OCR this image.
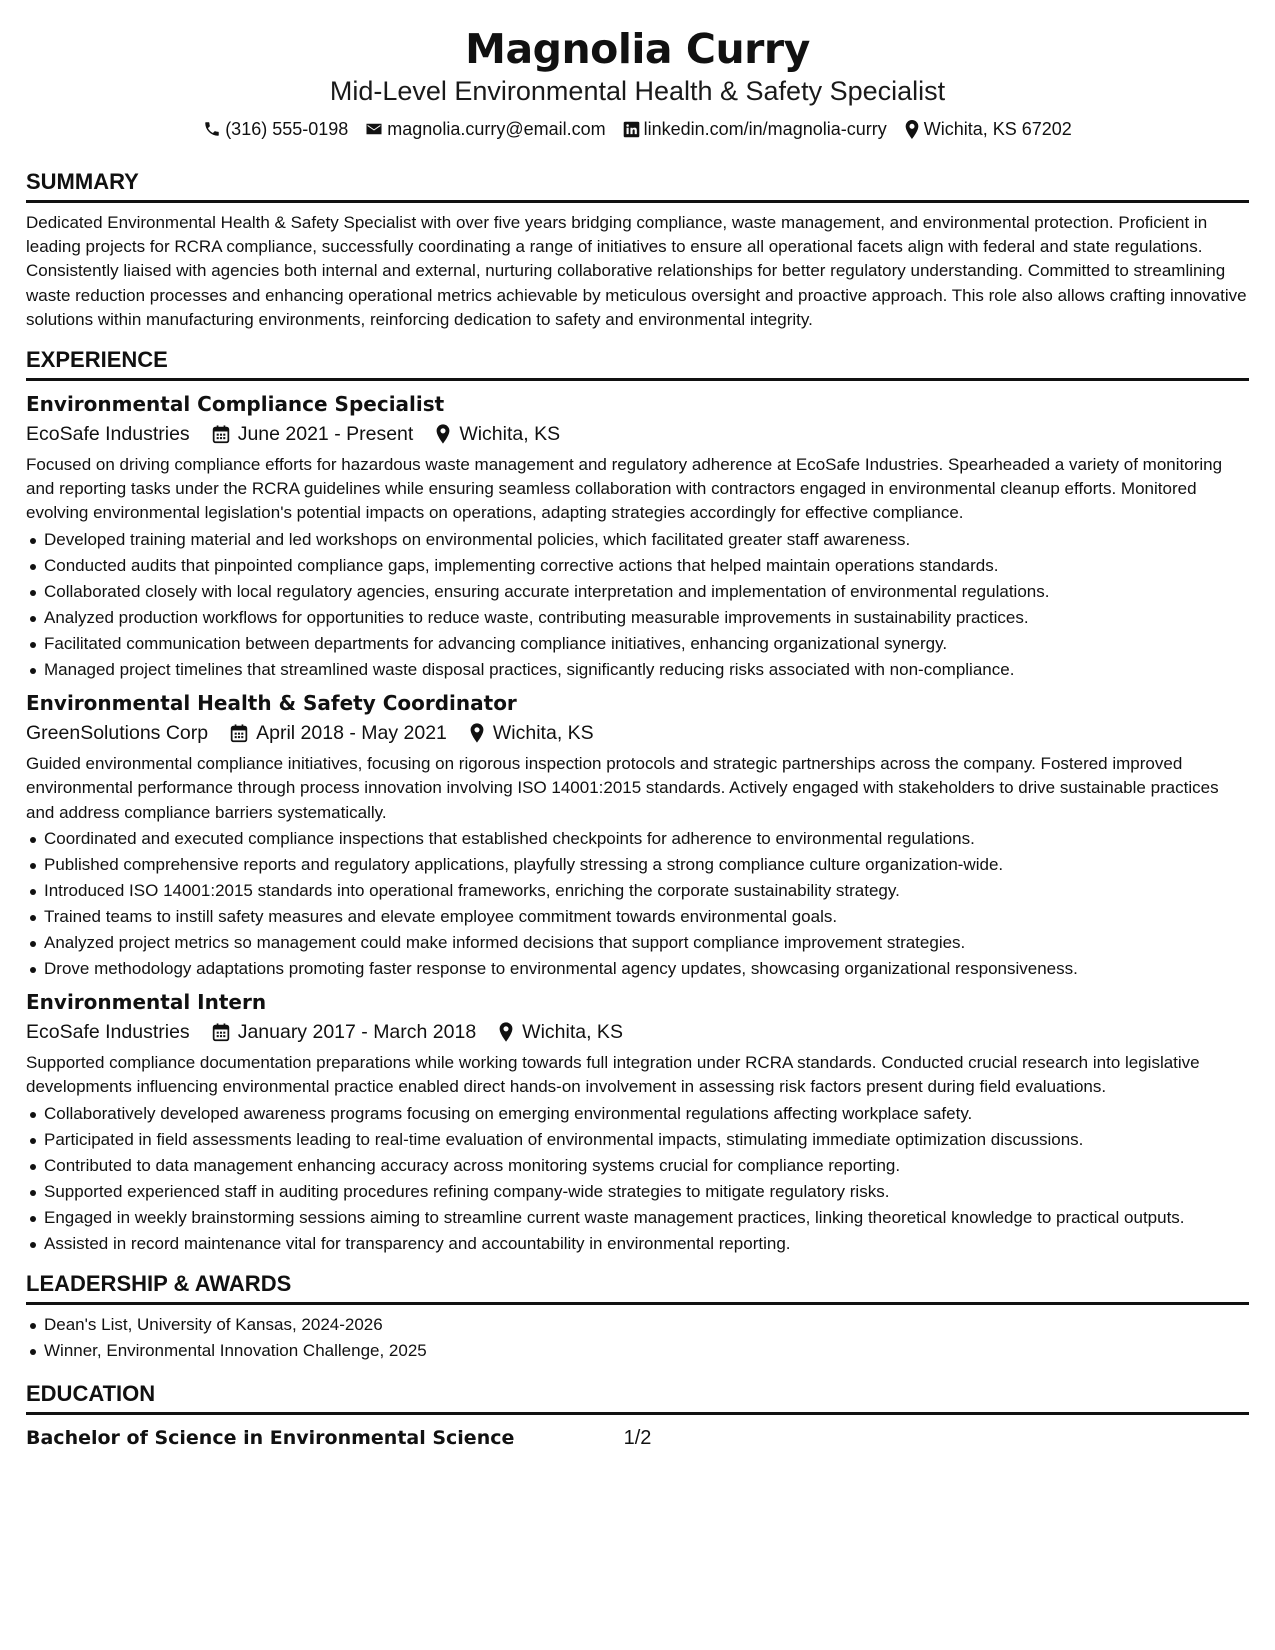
Magnolia Curry
Mid-Level Environmental Health & Safety Specialist
(316) 555-0198 magnolia.curry@email.com linkedin.com/in/magnolia-curry Wichita, KS 67202
SUMMARY

Dedicated Environmental Health & Safety Specialist with over five years bridging compliance, waste management, and environmental protection. Proficient in leading projects for RCRA compliance, successfully coordinating a range of initiatives to ensure all operational facets align with federal and state regulations. Consistently liaised with agencies both internal and external, nurturing collaborative relationships for better regulatory understanding. Committed to streamlining waste reduction processes and enhancing operational metrics achievable by meticulous oversight and proactive approach. This role also allows crafting innovative solutions within manufacturing environments, reinforcing dedication to safety and environmental integrity.

EXPERIENCE
Environmental Compliance Specialist
EcoSafe Industries June 2021 - Present Wichita, KS

Focused on driving compliance efforts for hazardous waste management and regulatory adherence at EcoSafe Industries. Spearheaded a variety of monitoring and reporting tasks under the RCRA guidelines while ensuring seamless collaboration with contractors engaged in environmental cleanup efforts. Monitored evolving environmental legislation's potential impacts on operations, adapting strategies accordingly for effective compliance.

Developed training material and led workshops on environmental policies, which facilitated greater staff awareness.
Conducted audits that pinpointed compliance gaps, implementing corrective actions that helped maintain operations standards.
Collaborated closely with local regulatory agencies, ensuring accurate interpretation and implementation of environmental regulations.
Analyzed production workflows for opportunities to reduce waste, contributing measurable improvements in sustainability practices.
Facilitated communication between departments for advancing compliance initiatives, enhancing organizational synergy.
Managed project timelines that streamlined waste disposal practices, significantly reducing risks associated with non-compliance.
Environmental Health & Safety Coordinator
GreenSolutions Corp April 2018 - May 2021 Wichita, KS

Guided environmental compliance initiatives, focusing on rigorous inspection protocols and strategic partnerships across the company. Fostered improved environmental performance through process innovation involving ISO 14001:2015 standards. Actively engaged with stakeholders to drive sustainable practices and address compliance barriers systematically.

Coordinated and executed compliance inspections that established checkpoints for adherence to environmental regulations.
Published comprehensive reports and regulatory applications, playfully stressing a strong compliance culture organization-wide.
Introduced ISO 14001:2015 standards into operational frameworks, enriching the corporate sustainability strategy.
Trained teams to instill safety measures and elevate employee commitment towards environmental goals.
Analyzed project metrics so management could make informed decisions that support compliance improvement strategies.
Drove methodology adaptations promoting faster response to environmental agency updates, showcasing organizational responsiveness.
Environmental Intern
EcoSafe Industries January 2017 - March 2018 Wichita, KS

Supported compliance documentation preparations while working towards full integration under RCRA standards. Conducted crucial research into legislative developments influencing environmental practice enabled direct hands-on involvement in assessing risk factors present during field evaluations.

Collaboratively developed awareness programs focusing on emerging environmental regulations affecting workplace safety.
Participated in field assessments leading to real-time evaluation of environmental impacts, stimulating immediate optimization discussions.
Contributed to data management enhancing accuracy across monitoring systems crucial for compliance reporting.
Supported experienced staff in auditing procedures refining company-wide strategies to mitigate regulatory risks.
Engaged in weekly brainstorming sessions aiming to streamline current waste management practices, linking theoretical knowledge to practical outputs.
Assisted in record maintenance vital for transparency and accountability in environmental reporting.
LEADERSHIP & AWARDS
Dean's List, University of Kansas, 2024-2026
Winner, Environmental Innovation Challenge, 2025
EDUCATION
Bachelor of Science in Environmental Science	1/2
